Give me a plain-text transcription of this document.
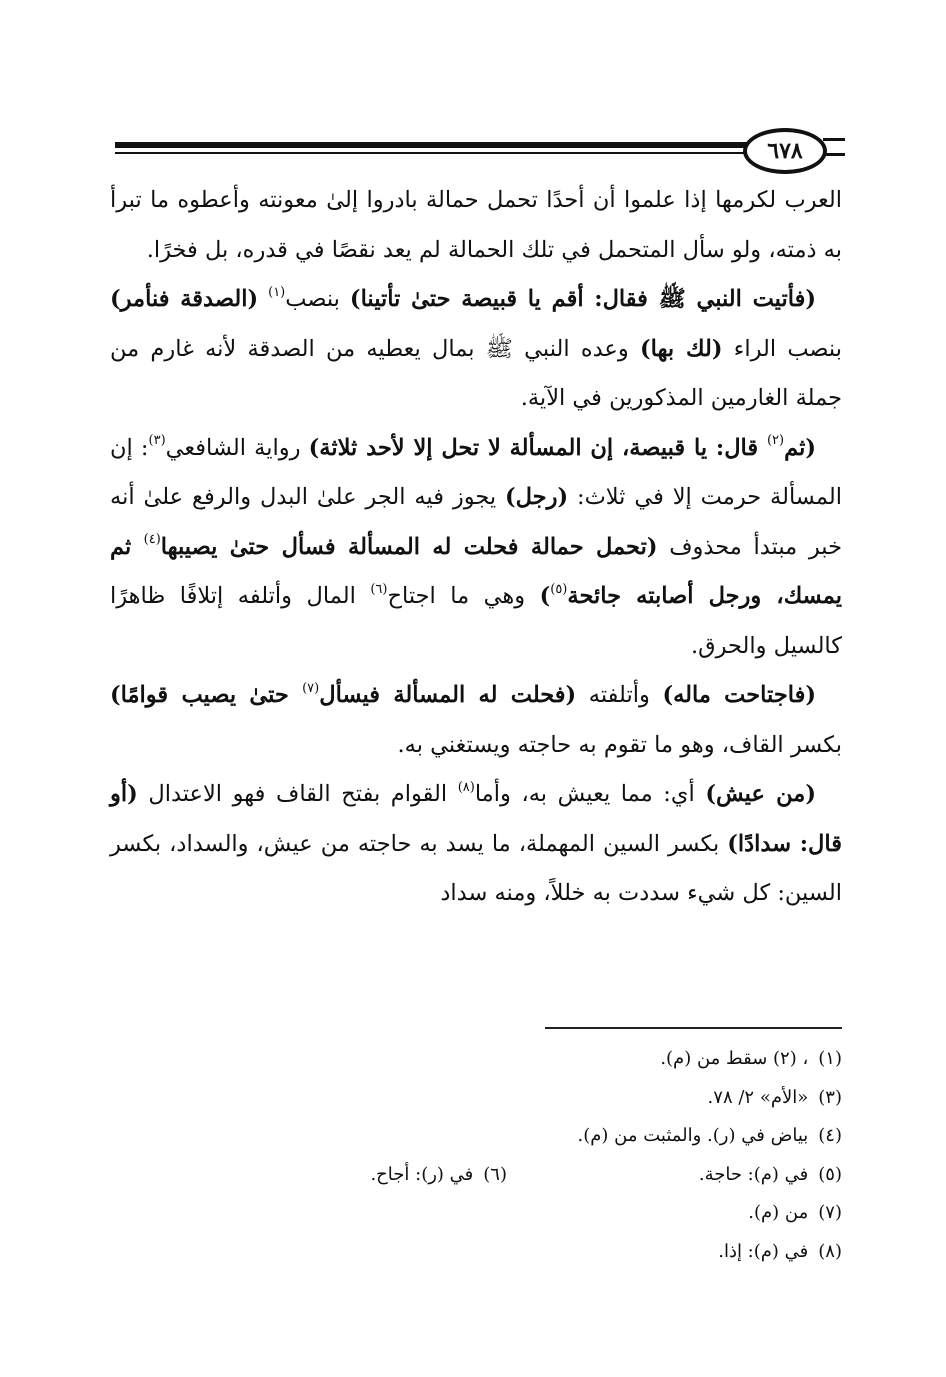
٦٧٨

العرب لكرمها إذا علموا أن أحدًا تحمل حمالة بادروا إلىٰ معونته وأعطوه ما تبرأ به ذمته، ولو سأل المتحمل في تلك الحمالة لم يعد نقصًا في قدره، بل فخرًا.

(فأتيت النبي ﷺ فقال: أقم يا قبيصة حتىٰ تأتينا) بنصب$^{(١)}$ (الصدقة فنأمر) بنصب الراء (لك بها) وعده النبي ﷺ بمال يعطيه من الصدقة لأنه غارم من جملة الغارمين المذكورين في الآية.

(ثم$^{(٢)}$ قال: يا قبيصة، إن المسألة لا تحل إلا لأحد ثلاثة) رواية الشافعي$^{(٣)}$: إن المسألة حرمت إلا في ثلاث: (رجل) يجوز فيه الجر علىٰ البدل والرفع علىٰ أنه خبر مبتدأ محذوف (تحمل حمالة فحلت له المسألة فسأل حتىٰ يصيبها$^{(٤)}$ ثم يمسك، ورجل أصابته جائحة$^{(٥)}$) وهي ما اجتاح$^{(٦)}$ المال وأتلفه إتلافًا ظاهرًا كالسيل والحرق.

(فاجتاحت ماله) وأتلفته (فحلت له المسألة فيسأل$^{(٧)}$ حتىٰ يصيب قوامًا) بكسر القاف، وهو ما تقوم به حاجته ويستغني به.

(من عيش) أي: مما يعيش به، وأما$^{(٨)}$ القوام بفتح القاف فهو الاعتدال (أو قال: سدادًا) بكسر السين المهملة، ما يسد به حاجته من عيش، والسداد، بكسر السين: كل شيء سددت به خللاً، ومنه سداد

(١)، (٢) سقط من (م).
(٣)«الأم» ٢/ ٧٨.
(٤)بياض في (ر). والمثبت من (م).
(٥)في (م): حاجة.
(٦)في (ر): أجاح.
(٧)من (م).
(٨)في (م): إذا.
